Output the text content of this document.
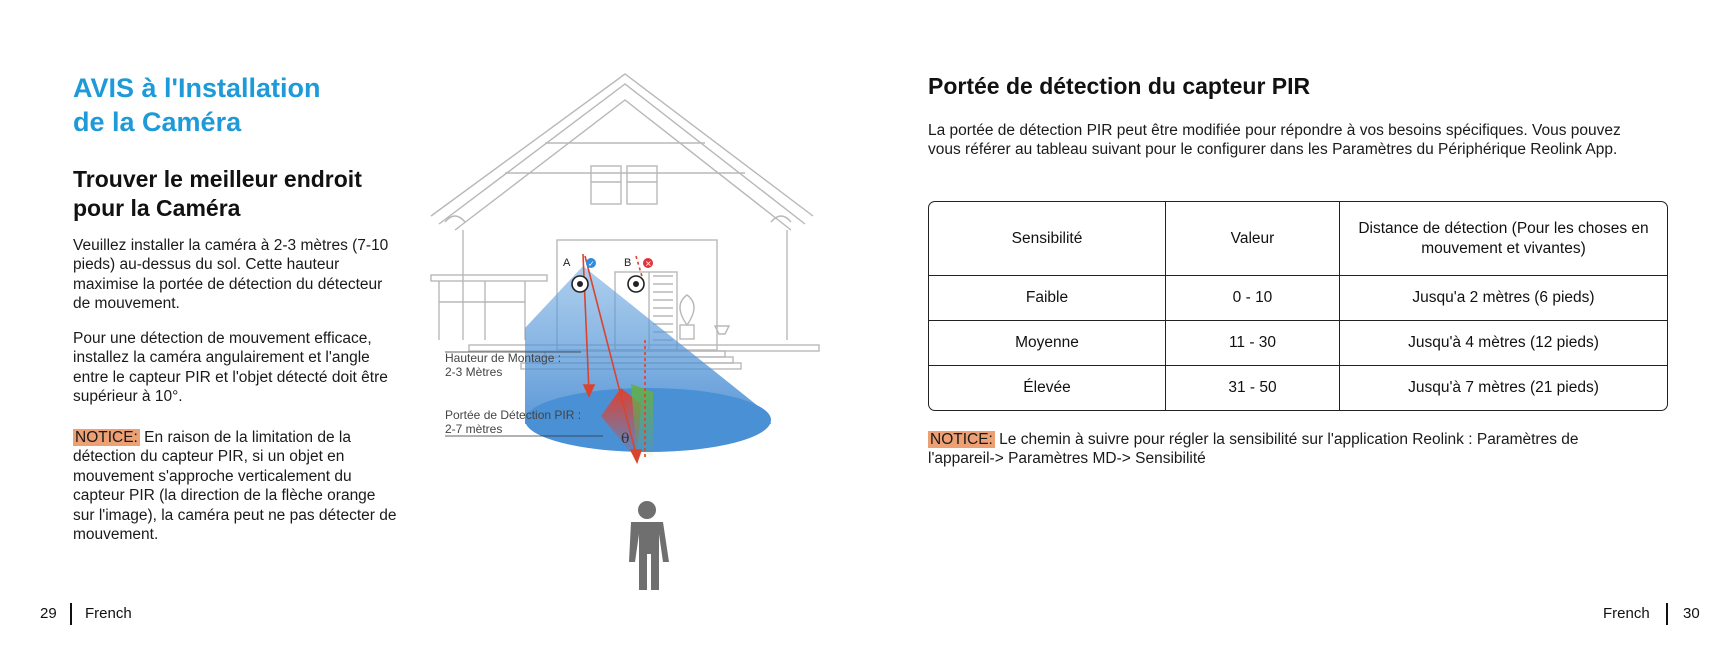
AVIS à l'Installation
de la Caméra
Trouver le meilleur endroit
pour la Caméra
Veuillez installer la caméra à 2-3 mètres (7-10 pieds) au-dessus du sol. Cette hauteur maximise la portée de détection du détecteur de mouvement.
Pour une détection de mouvement efficace, installez la caméra angulairement et l'angle entre le capteur PIR et l'objet détecté doit être supérieur à 10°.
NOTICE: En raison de la limitation de la détection du capteur PIR, si un objet en mouvement s'approche verticalement du capteur PIR (la direction de la flèche orange sur l'image), la caméra peut ne pas détecter de mouvement.
θ
A ✓	B ✕
Hauteur de Montage :
2-3 Mètres
Portée de Détection PIR :
2-7 mètres
Portée de détection du capteur PIR
La portée de détection PIR peut être modifiée pour répondre à vos besoins spécifiques. Vous pouvez vous référer au tableau suivant pour le configurer dans les Paramètres du Périphérique Reolink App.
Sensibilité	Valeur	Distance de détection (Pour les choses en mouvement et vivantes)
Faible	0 - 10	Jusqu'a 2 mètres (6 pieds)
Moyenne	11 - 30	Jusqu'à 4 mètres (12 pieds)
Élevée	31 - 50	Jusqu'à 7 mètres (21 pieds)
NOTICE: Le chemin à suivre pour régler la sensibilité sur l'application Reolink : Paramètres de l'appareil-> Paramètres MD-> Sensibilité
29 French	French 30
